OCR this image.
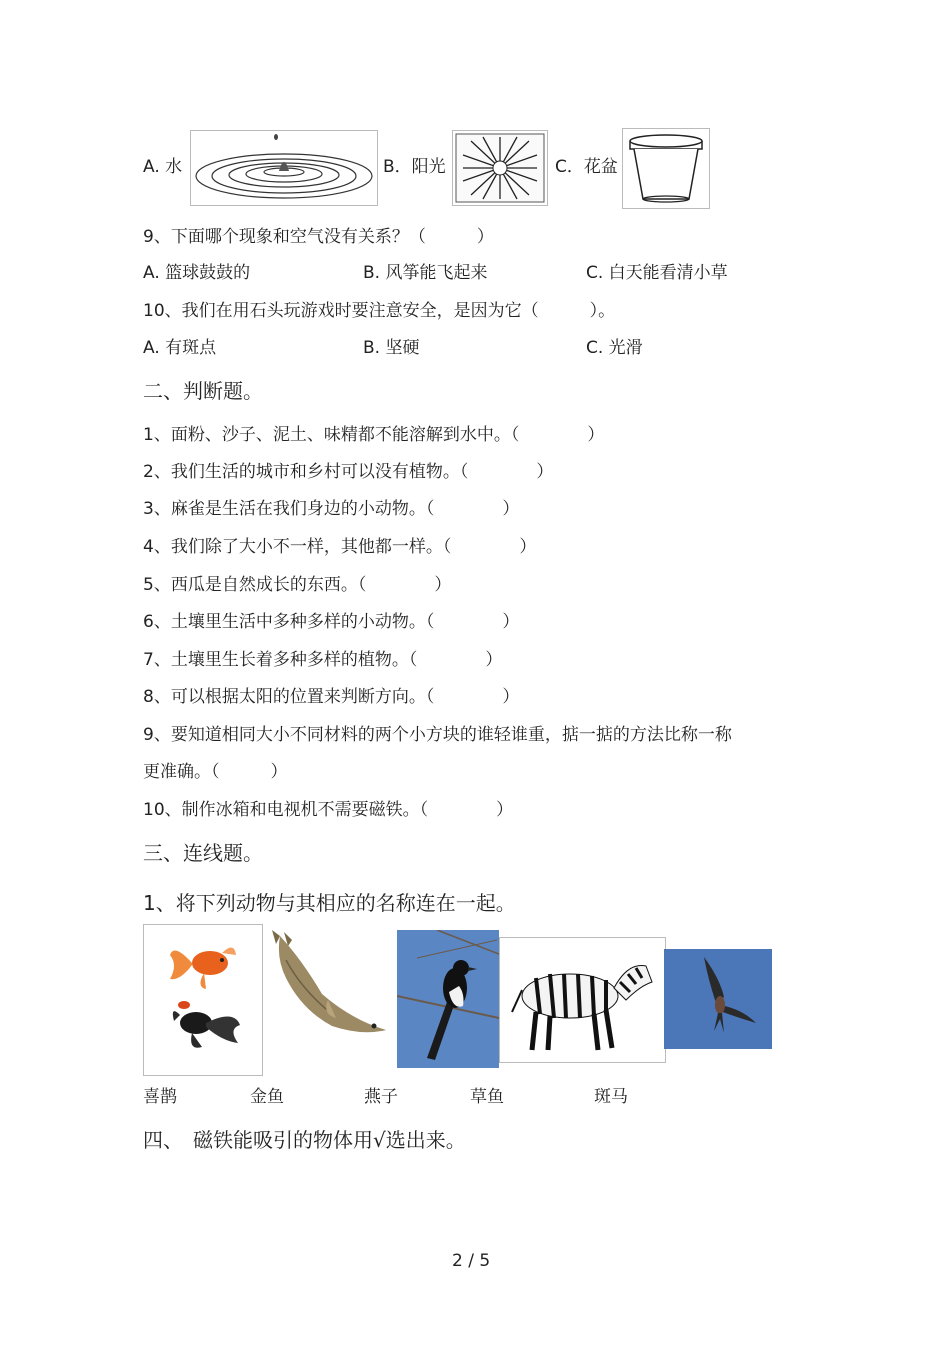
A. 水	B．阳光	C．花盆
9、下面哪个现象和空气没有关系？（　　　）
A. 篮球鼓鼓的	B. 风筝能飞起来	C. 白天能看清小草
10、我们在用石头玩游戏时要注意安全，是因为它（　　　）。
A. 有斑点	B. 坚硬	C. 光滑
二、判断题。
1、面粉、沙子、泥土、味精都不能溶解到水中。（　　　　）
2、我们生活的城市和乡村可以没有植物。（　　　　）
3、麻雀是生活在我们身边的小动物。（　　　　）
4、我们除了大小不一样，其他都一样。（　　　　）
5、西瓜是自然成长的东西。（　　　　）
6、土壤里生活中多种多样的小动物。（　　　　）
7、土壤里生长着多种多样的植物。（　　　　）
8、可以根据太阳的位置来判断方向。（　　　　）
9、要知道相同大小不同材料的两个小方块的谁轻谁重，掂一掂的方法比称一称
更准确。（　　　）
10、制作冰箱和电视机不需要磁铁。（　　　　）
三、连线题。
1、将下列动物与其相应的名称连在一起。
喜鹊	金鱼	燕子	草鱼	斑马
四、　磁铁能吸引的物体用√选出来。
2 / 5
